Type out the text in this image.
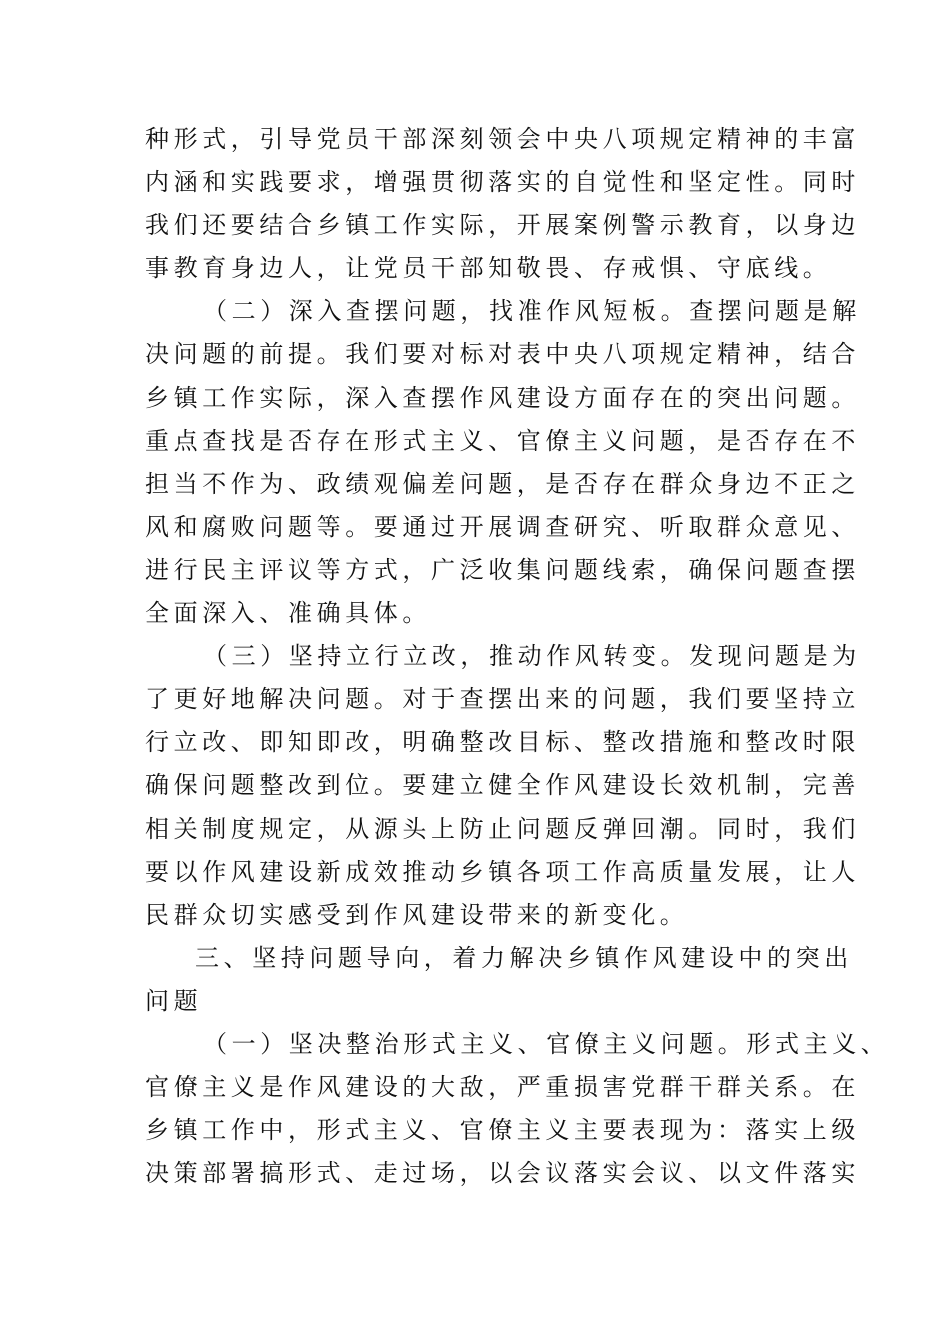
种形式，引导党员干部深刻领会中央八项规定精神的丰富
内涵和实践要求，增强贯彻落实的自觉性和坚定性。同时
我们还要结合乡镇工作实际，开展案例警示教育，以身边
事教育身边人，让党员干部知敬畏、存戒惧、守底线。
（二）深入查摆问题，找准作风短板。查摆问题是解
决问题的前提。我们要对标对表中央八项规定精神，结合
乡镇工作实际，深入查摆作风建设方面存在的突出问题。
重点查找是否存在形式主义、官僚主义问题，是否存在不
担当不作为、政绩观偏差问题，是否存在群众身边不正之
风和腐败问题等。要通过开展调查研究、听取群众意见、
进行民主评议等方式，广泛收集问题线索，确保问题查摆
全面深入、准确具体。
（三）坚持立行立改，推动作风转变。发现问题是为
了更好地解决问题。对于查摆出来的问题，我们要坚持立
行立改、即知即改，明确整改目标、整改措施和整改时限
确保问题整改到位。要建立健全作风建设长效机制，完善
相关制度规定，从源头上防止问题反弹回潮。同时，我们
要以作风建设新成效推动乡镇各项工作高质量发展，让人
民群众切实感受到作风建设带来的新变化。
三、坚持问题导向，着力解决乡镇作风建设中的突出
问题
（一）坚决整治形式主义、官僚主义问题。形式主义、
官僚主义是作风建设的大敌，严重损害党群干群关系。在
乡镇工作中，形式主义、官僚主义主要表现为：落实上级
决策部署搞形式、走过场，以会议落实会议、以文件落实
